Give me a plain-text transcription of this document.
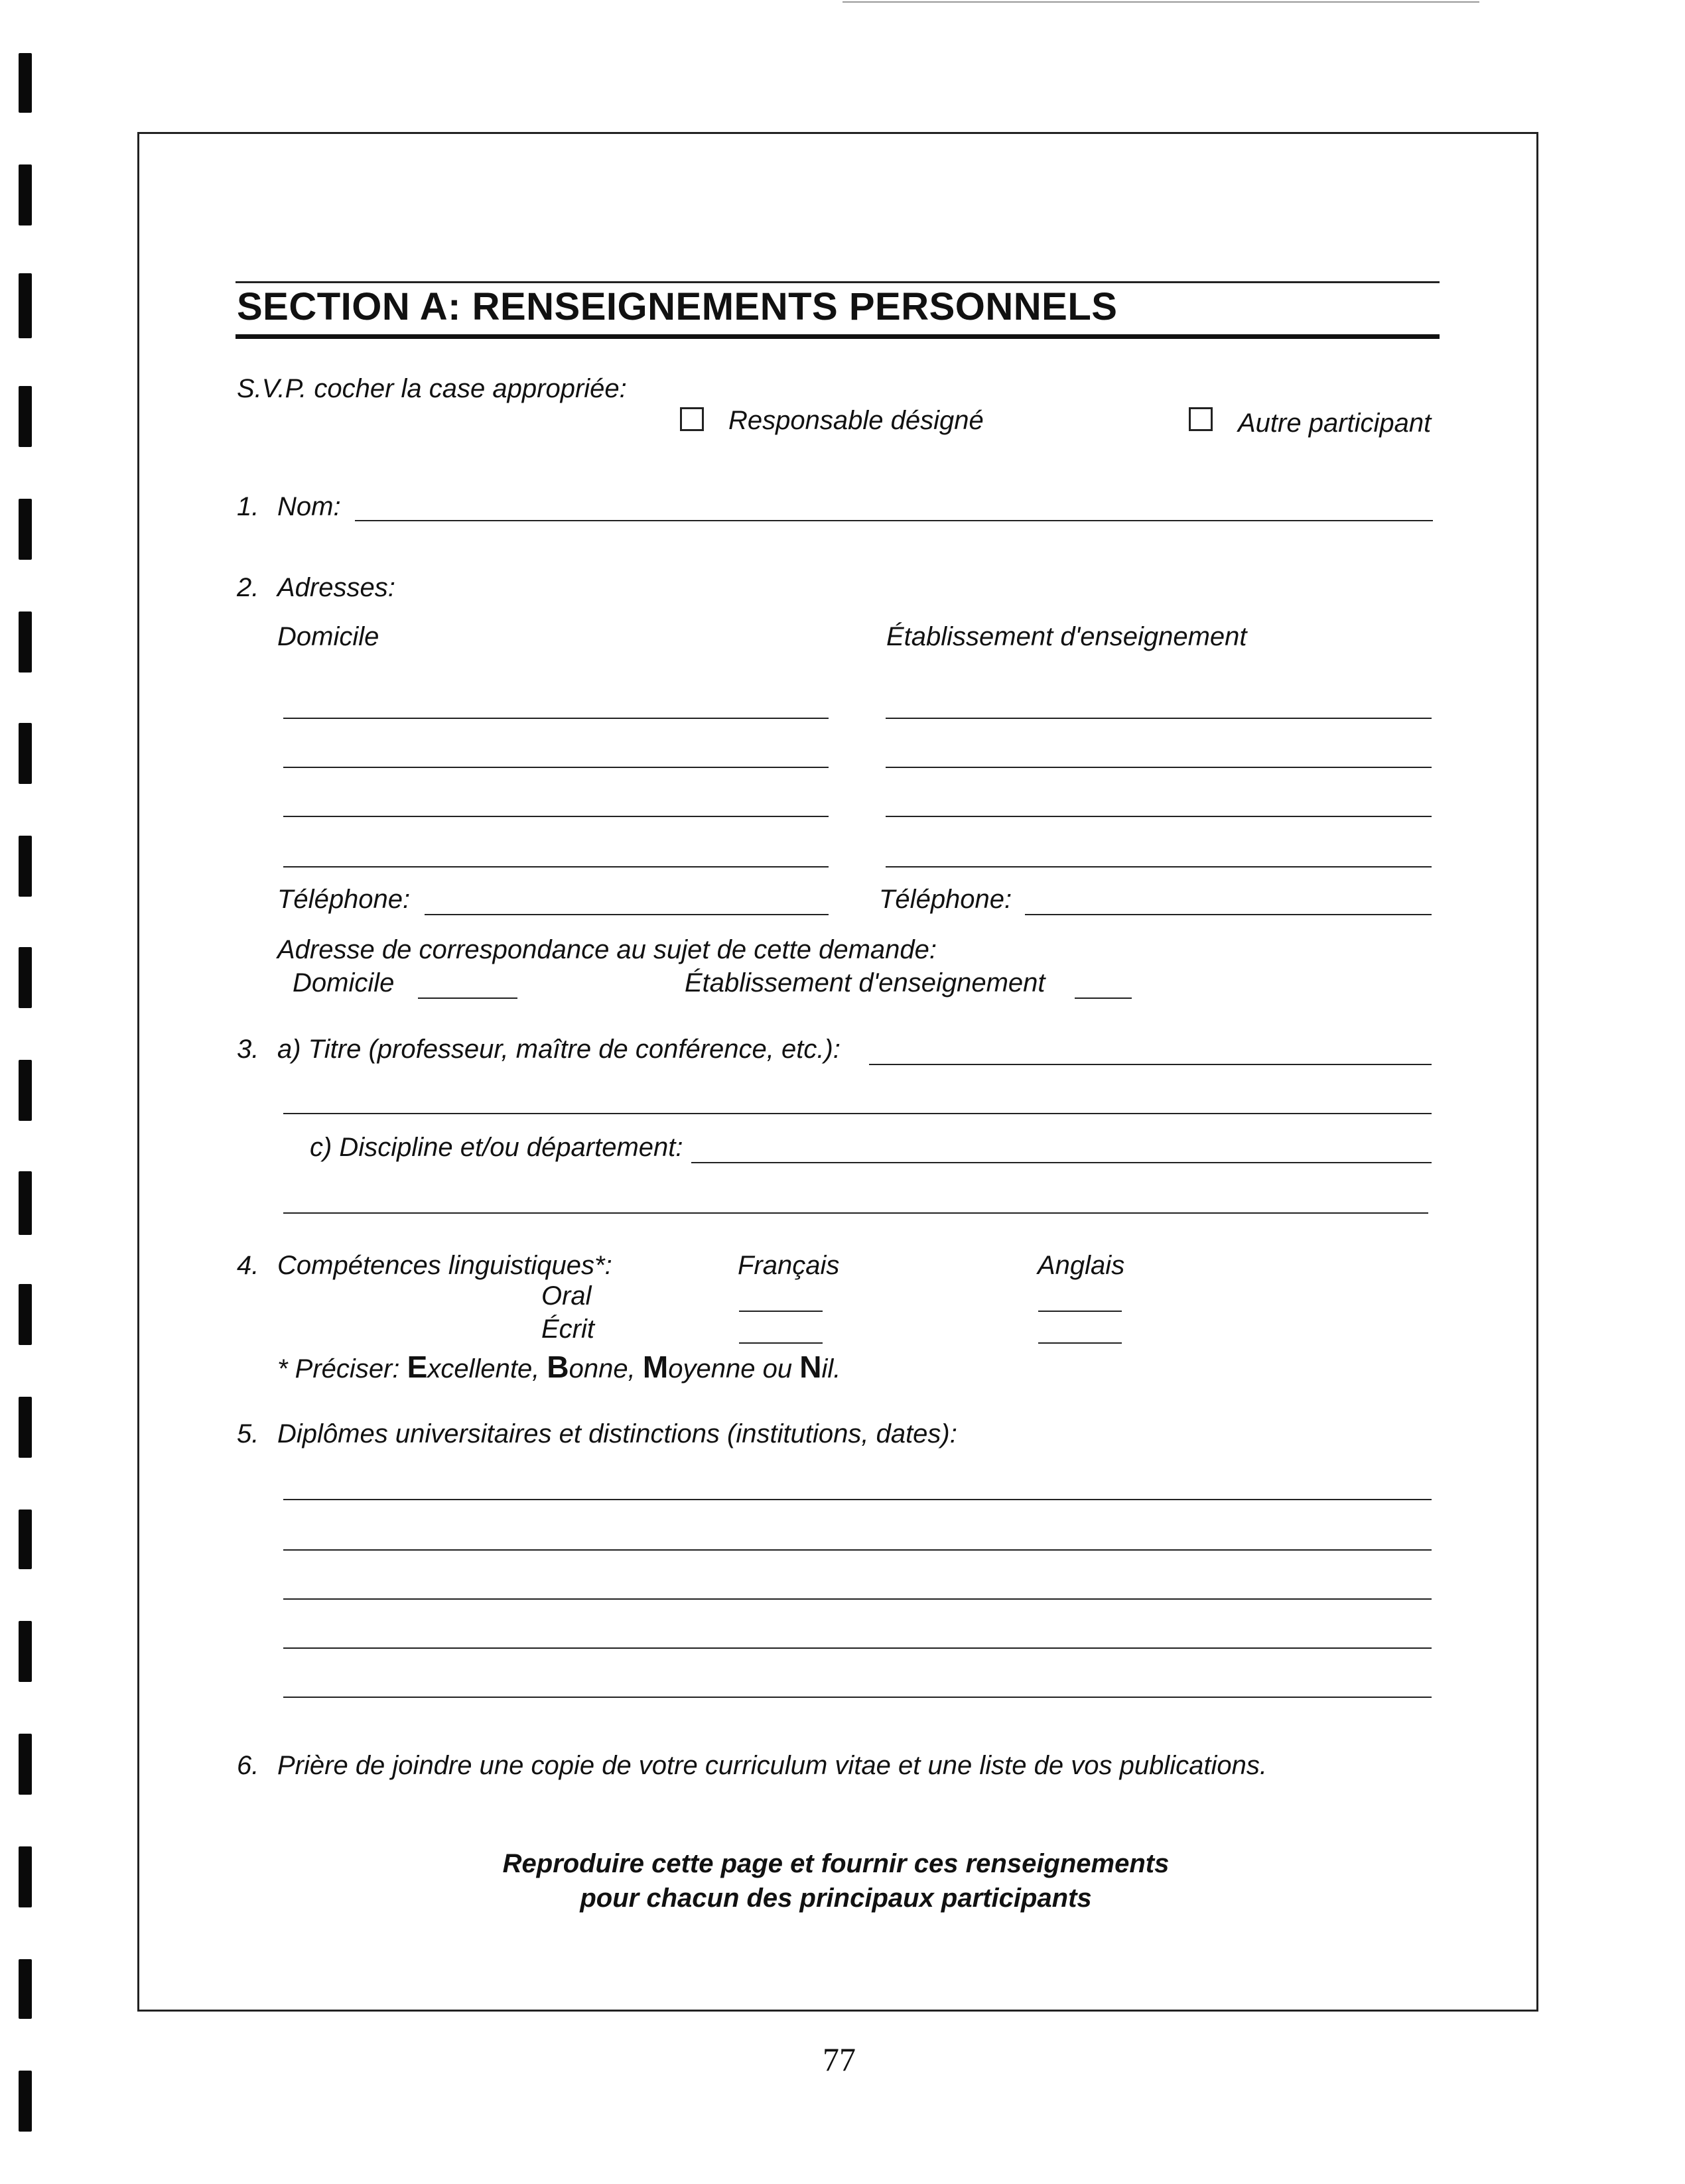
SECTION A: RENSEIGNEMENTS PERSONNELS
S.V.P. cocher la case appropriée:
Responsable désigné	Autre participant
1. Nom:
2. Adresses:
Domicile	Établissement d'enseignement
Téléphone:	Téléphone:
Adresse de correspondance au sujet de cette demande:
Domicile	Établissement d'enseignement
3. a) Titre (professeur, maître de conférence, etc.):
c) Discipline et/ou département:
4. Compétences linguistiques*:	Français	Anglais
Oral
Écrit
* Préciser: Excellente, Bonne, Moyenne ou Nil.
5. Diplômes universitaires et distinctions (institutions, dates):
6. Prière de joindre une copie de votre curriculum vitae et une liste de vos publications.
Reproduire cette page et fournir ces renseignements
pour chacun des principaux participants
77
